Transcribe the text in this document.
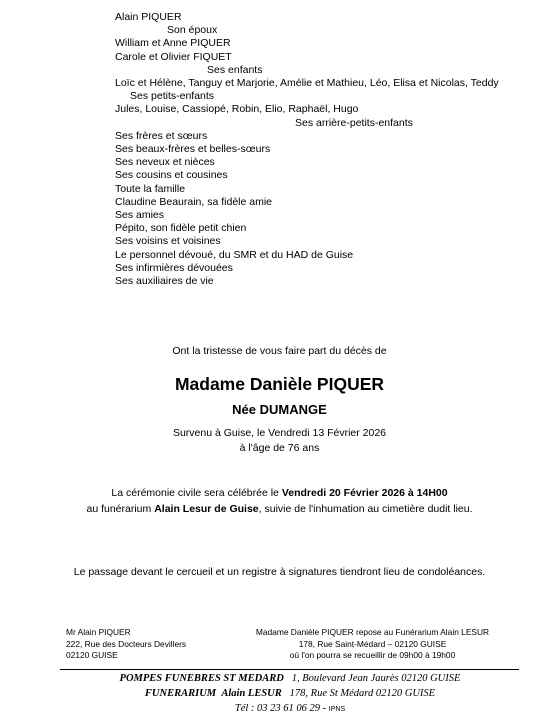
Alain PIQUER
Son époux
William et Anne PIQUER
Carole et Olivier FIQUET
Ses enfants
Loïc et Hélène, Tanguy et Marjorie, Amélie et Mathieu, Léo, Elisa et Nicolas, Teddy
Ses petits-enfants
Jules, Louise, Cassiopé, Robin, Elio, Raphaël, Hugo
Ses arrière-petits-enfants
Ses frères et sœurs
Ses beaux-frères et belles-sœurs
Ses neveux et nièces
Ses cousins et cousines
Toute la famille
Claudine Beaurain, sa fidèle amie
Ses amies
Pépito, son fidèle petit chien
Ses voisins et voisines
Le personnel dévoué, du SMR et du HAD de Guise
Ses infirmières dévouées
Ses auxiliaires de vie
Ont la tristesse de vous faire part du décès de
Madame Danièle PIQUER
Née DUMANGE
Survenu à Guise, le Vendredi 13 Février 2026
à l'âge de 76 ans
La cérémonie civile sera célébrée le Vendredi 20 Février 2026 à 14H00
au funérarium Alain Lesur de Guise, suivie de l'inhumation au cimetière dudit lieu.
Le passage devant le cercueil et un registre à signatures tiendront lieu de condoléances.
Mr Alain PIQUER
222, Rue des Docteurs Devillers
02120 GUISE
Madame Danièle PIQUER repose au Funérarium Alain LESUR
178, Rue Saint-Médard – 02120 GUISE
où l'on pourra se recueillir de 09h00 à 19h00
POMPES FUNEBRES ST MEDARD 1, Boulevard Jean Jaurès 02120 GUISE
FUNERARIUM Alain LESUR 178, Rue St Médard 02120 GUISE
Tél : 03 23 61 06 29 - IPNS
